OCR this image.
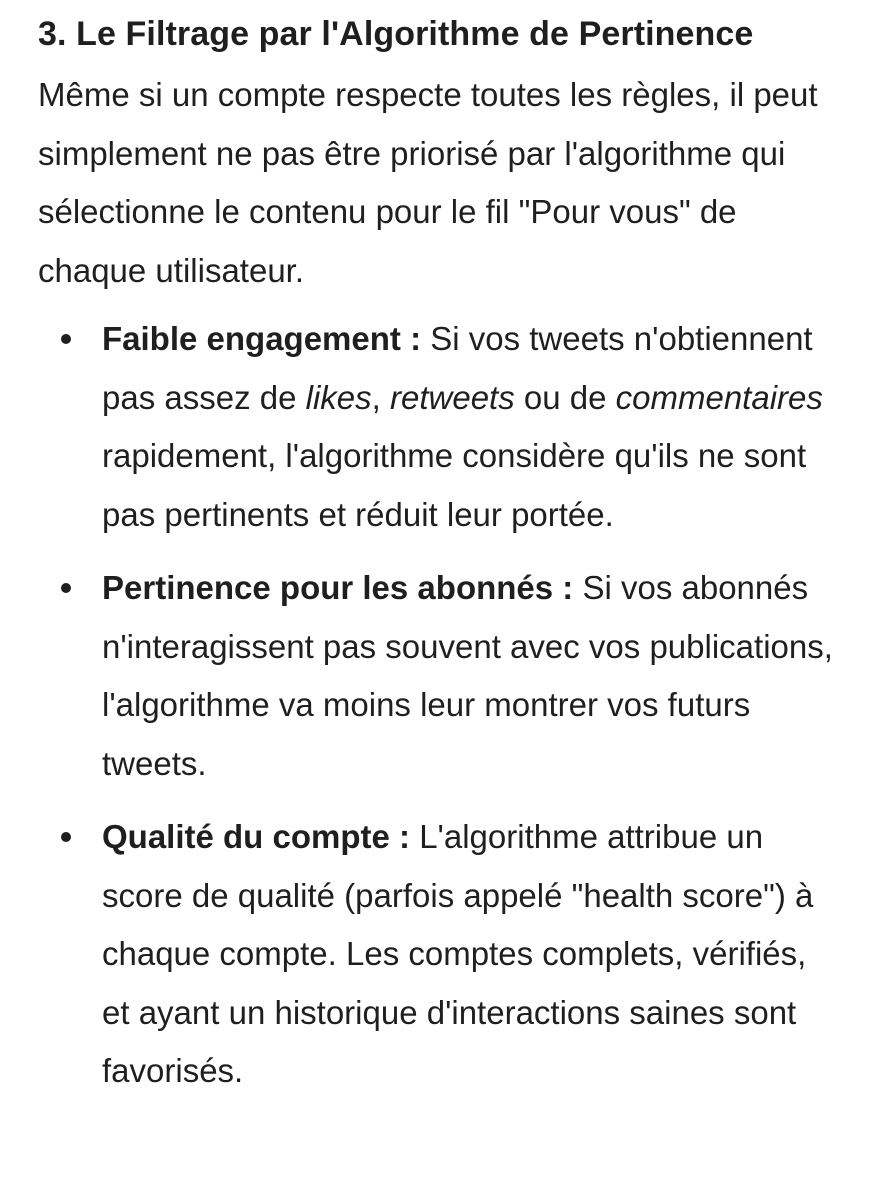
3. Le Filtrage par l'Algorithme de Pertinence

Même si un compte respecte toutes les règles, il peut simplement ne pas être priorisé par l'algorithme qui sélectionne le contenu pour le fil "Pour vous" de chaque utilisateur.

Faible engagement : Si vos tweets n'obtiennent pas assez de likes, retweets ou de commentaires rapidement, l'algorithme considère qu'ils ne sont pas pertinents et réduit leur portée.
Pertinence pour les abonnés : Si vos abonnés n'interagissent pas souvent avec vos publications, l'algorithme va moins leur montrer vos futurs tweets.
Qualité du compte : L'algorithme attribue un score de qualité (parfois appelé "health score") à chaque compte. Les comptes complets, vérifiés, et ayant un historique d'interactions saines sont favorisés.
